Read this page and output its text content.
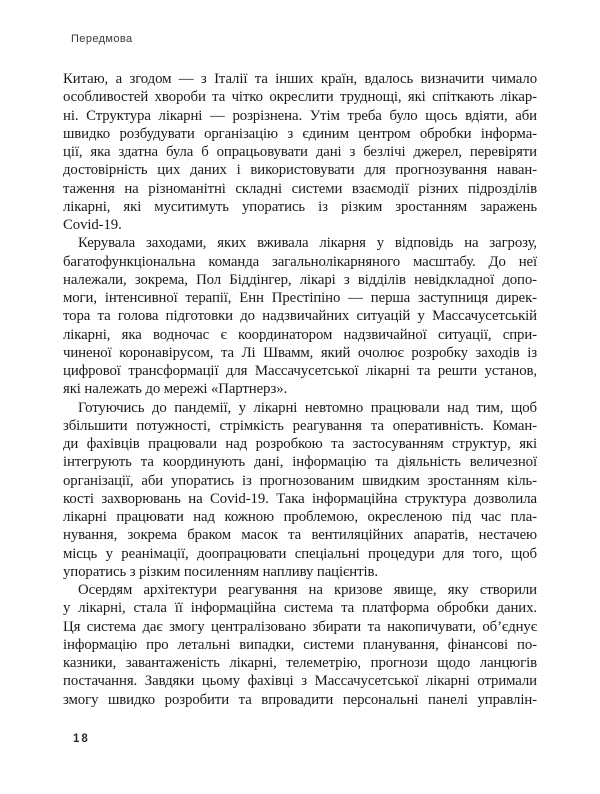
Передмова

Китаю, а згодом — з Італії та інших країн, вдалось визначити чимало
особливостей хвороби та чітко окреслити труднощі, які спіткають лікар-
ні. Структура лікарні — розрізнена. Утім треба було щось вдіяти, аби
швидко розбудувати організацію з єдиним центром обробки інформа-
ції, яка здатна була б опрацьовувати дані з безлічі джерел, перевіряти
достовірність цих даних і використовувати для прогнозування наван-
таження на різноманітні складні системи взаємодії різних підрозділів
лікарні, які муситимуть упоратись із різким зростанням заражень
Covid-19.

Керувала заходами, яких вживала лікарня у відповідь на загрозу,
багатофункціональна команда загальнолікарняного масштабу. До неї
належали, зокрема, Пол Біддінгер, лікарі з відділів невідкладної допо-
моги, інтенсивної терапії, Енн Престіпіно — перша заступниця дирек-
тора та голова підготовки до надзвичайних ситуацій у Массачусетській
лікарні, яка водночас є координатором надзвичайної ситуації, спри-
чиненої коронавірусом, та Лі Швамм, який очолює розробку заходів із
цифрової трансформації для Массачусетської лікарні та решти установ,
які належать до мережі «Партнерз».

Готуючись до пандемії, у лікарні невтомно працювали над тим, щоб
збільшити потужності, стрімкість реагування та оперативність. Коман-
ди фахівців працювали над розробкою та застосуванням структур, які
інтегрують та координують дані, інформацію та діяльність величезної
організації, аби упоратись із прогнозованим швидким зростанням кіль-
кості захворювань на Covid-19. Така інформаційна структура дозволила
лікарні працювати над кожною проблемою, окресленою під час пла-
нування, зокрема браком масок та вентиляційних апаратів, нестачею
місць у реанімації, доопрацювати спеціальні процедури для того, щоб
упоратись з різким посиленням напливу пацієнтів.

Осердям архітектури реагування на кризове явище, яку створили
у лікарні, стала її інформаційна система та платформа обробки даних.
Ця система дає змогу централізовано збирати та накопичувати, об’єднує
інформацію про летальні випадки, системи планування, фінансові по-
казники, завантаженість лікарні, телеметрію, прогнози щодо ланцюгів
постачання. Завдяки цьому фахівці з Массачусетської лікарні отримали
змогу швидко розробити та впровадити персональні панелі управлін-

18
